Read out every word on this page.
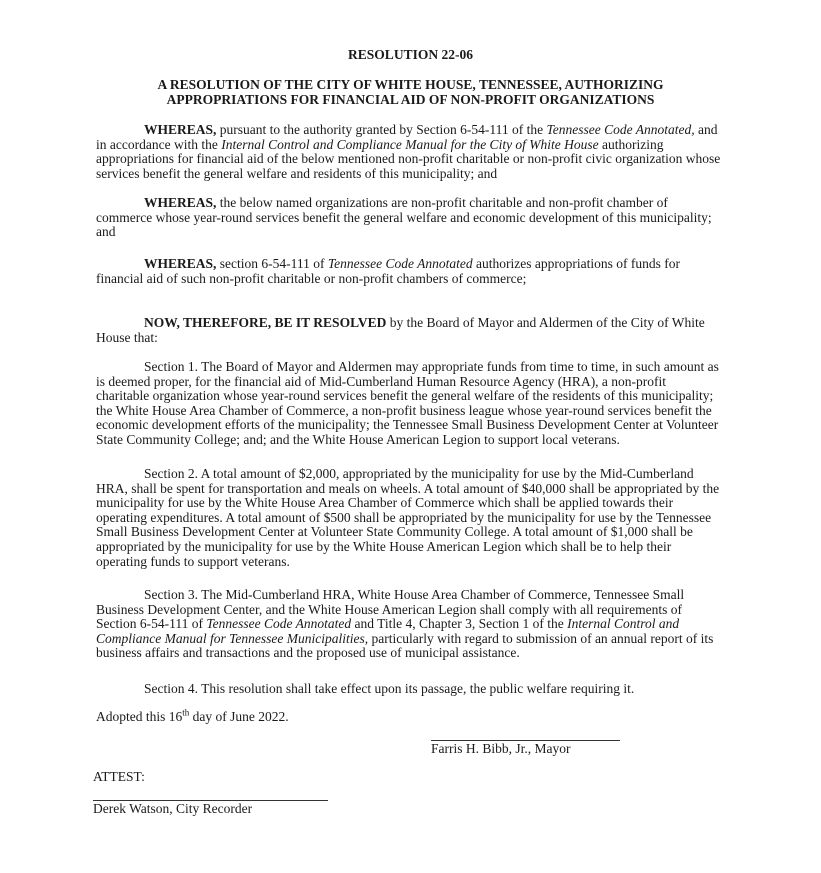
RESOLUTION 22-06
A RESOLUTION OF THE CITY OF WHITE HOUSE, TENNESSEE, AUTHORIZING
APPROPRIATIONS FOR FINANCIAL AID OF NON-PROFIT ORGANIZATIONS
WHEREAS, pursuant to the authority granted by Section 6-54-111 of the Tennessee Code Annotated, and in accordance with the Internal Control and Compliance Manual for the City of White House authorizing appropriations for financial aid of the below mentioned non-profit charitable or non-profit civic organization whose services benefit the general welfare and residents of this municipality; and
WHEREAS, the below named organizations are non-profit charitable and non-profit chamber of commerce whose year-round services benefit the general welfare and economic development of this municipality; and
WHEREAS, section 6-54-111 of Tennessee Code Annotated authorizes appropriations of funds for financial aid of such non-profit charitable or non-profit chambers of commerce;
NOW, THEREFORE, BE IT RESOLVED by the Board of Mayor and Aldermen of the City of White House that:
Section 1. The Board of Mayor and Aldermen may appropriate funds from time to time, in such amount as is deemed proper, for the financial aid of Mid-Cumberland Human Resource Agency (HRA), a non-profit charitable organization whose year-round services benefit the general welfare of the residents of this municipality; the White House Area Chamber of Commerce, a non-profit business league whose year-round services benefit the economic development efforts of the municipality; the Tennessee Small Business Development Center at Volunteer State Community College; and; and the White House American Legion to support local veterans.
Section 2. A total amount of $2,000, appropriated by the municipality for use by the Mid-Cumberland HRA, shall be spent for transportation and meals on wheels. A total amount of $40,000 shall be appropriated by the municipality for use by the White House Area Chamber of Commerce which shall be applied towards their operating expenditures. A total amount of $500 shall be appropriated by the municipality for use by the Tennessee Small Business Development Center at Volunteer State Community College. A total amount of $1,000 shall be appropriated by the municipality for use by the White House American Legion which shall be to help their operating funds to support veterans.
Section 3. The Mid-Cumberland HRA, White House Area Chamber of Commerce, Tennessee Small Business Development Center, and the White House American Legion shall comply with all requirements of Section 6-54-111 of Tennessee Code Annotated and Title 4, Chapter 3, Section 1 of the Internal Control and Compliance Manual for Tennessee Municipalities, particularly with regard to submission of an annual report of its business affairs and transactions and the proposed use of municipal assistance.
Section 4. This resolution shall take effect upon its passage, the public welfare requiring it.
Adopted this 16th day of June 2022.
Farris H. Bibb, Jr., Mayor
ATTEST:
Derek Watson, City Recorder
